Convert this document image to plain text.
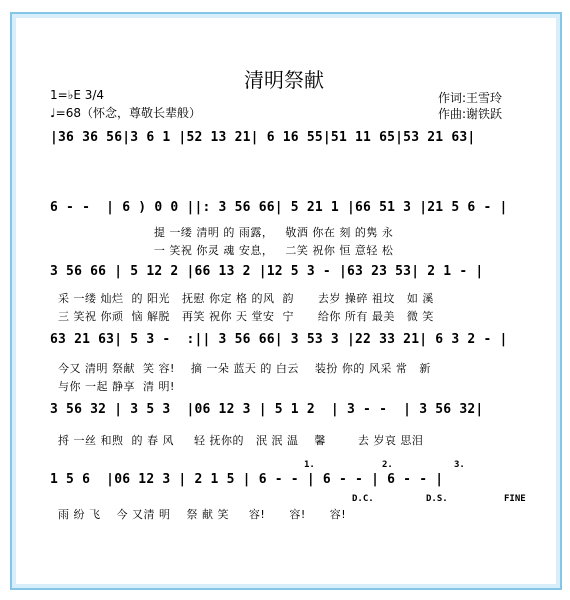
清明祭献
1=♭E 3/4
♩=68（怀念，尊敬长辈般）
作词:王雪玲
作曲:谢铁跃
|36 36 56|3 6 1 |52 13 21| 6 16 55|51 11 65|53 21 63|
6 - -  | 6 ) 0 0 ||: 3 56 66| 5 21 1 |66 51 3 |21 5 6 - |
提 一缕 清明 的 雨露，   敬酒 你在 刻 的隽 永
一 笑祝 你灵 魂 安息，   二笑 祝你 恒 意轻 松
3 56 66 | 5 12 2 |66 13 2 |12 5 3 - |63 23 53| 2 1 - |
采 一缕 灿烂  的 阳光   抚慰 你定 格 的风  韵      去岁 操碎 祖坟   如 溪
三 笑祝 你顽  恼 解脱   再笑 祝你 天 堂安  宁      给你 所有 最美   微 笑
63 21 63| 5 3 -  :|| 3 56 66| 3 53 3 |22 33 21| 6 3 2 - |
今又 清明 祭献  笑 容!    摘 一朵 蓝天 的 白云    装扮 你的 风采 常   新
与你 一起 静享  清 明!
3 56 32 | 3 5 3  |06 12 3 | 5 1 2  | 3 - -  | 3 56 32|
捋 一丝 和煦  的 春 风     轻 抚你的   泯 泯 温    馨        去 岁哀 思泪
1.	2.	3.
1 5 6  |06 12 3 | 2 1 5 | 6 - - | 6 - - | 6 - - |
雨 纷 飞    今 又清 明    祭 献 笑     容!      容!      容!
D.C.	D.S.	FINE
